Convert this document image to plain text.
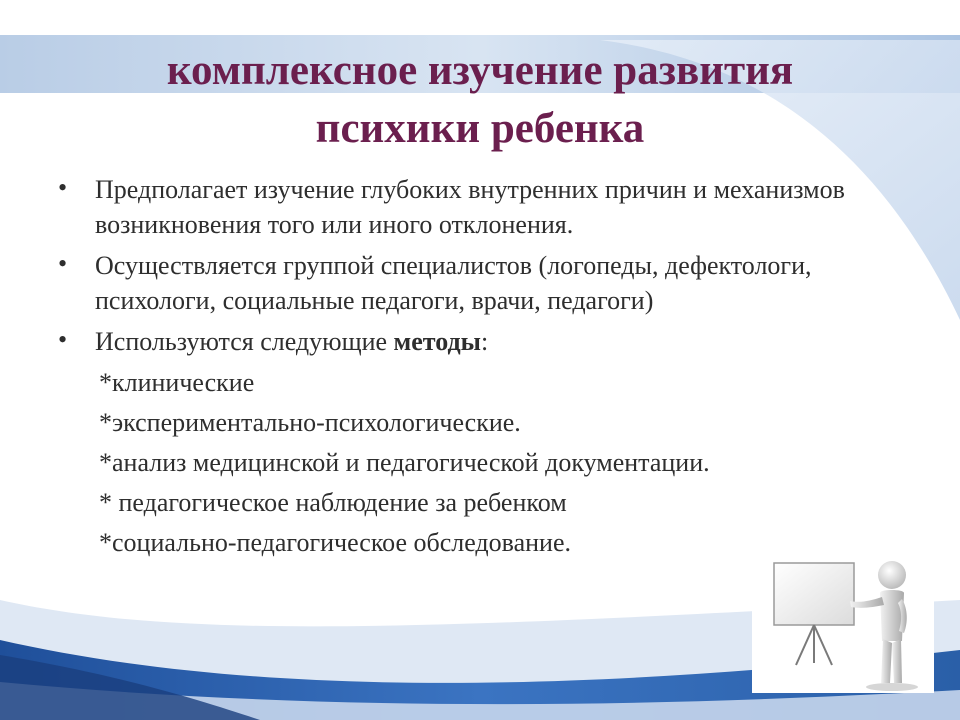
комплексное изучение развития
психики ребенка
• Предполагает изучение глубоких внутренних причин и механизмов возникновения того или иного отклонения.
• Осуществляется группой специалистов (логопеды, дефектологи, психологи, социальные педагоги, врачи, педагоги)
• Используются следующие методы:
*клинические
*экспериментально-психологические.
*анализ медицинской и педагогической документации.
* педагогическое наблюдение за ребенком
*социально-педагогическое обследование.
